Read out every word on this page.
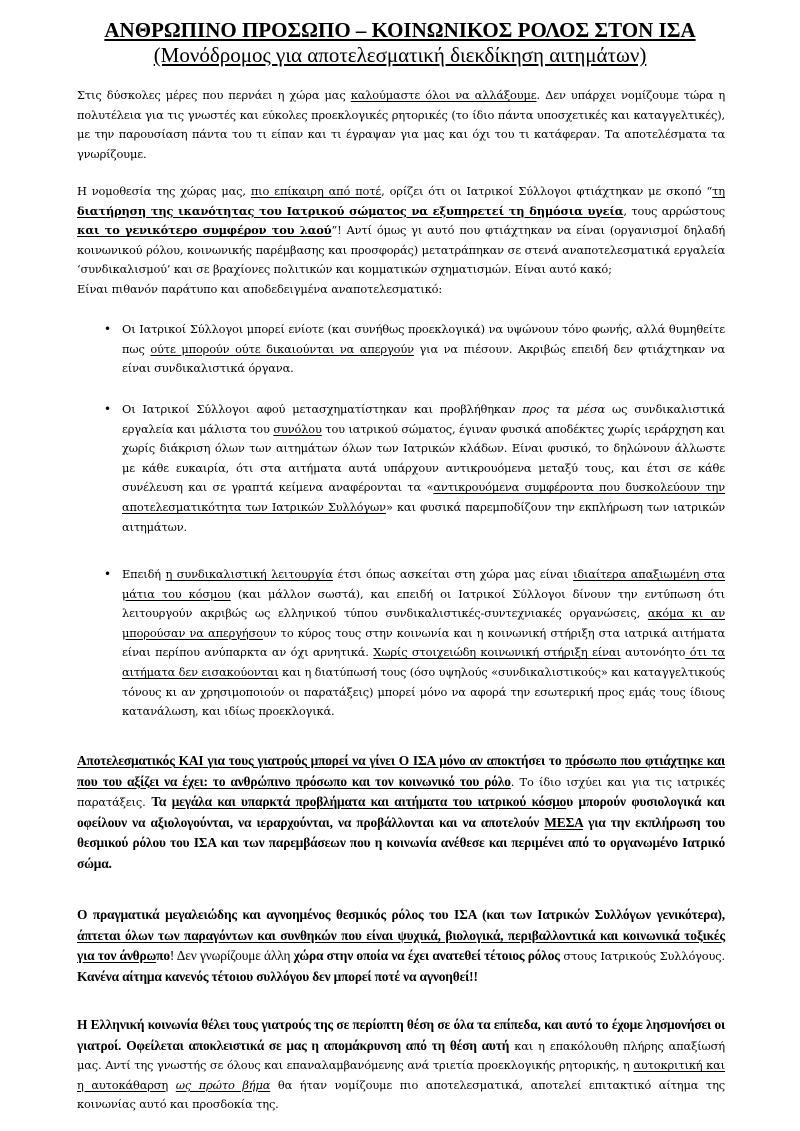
ΑΝΘΡΩΠΙΝΟ ΠΡΟΣΩΠΟ – ΚΟΙΝΩΝΙΚΟΣ ΡΟΛΟΣ ΣΤΟΝ ΙΣΑ
(Μονόδρομος για αποτελεσματική διεκδίκηση αιτημάτων)
Στις δύσκολες μέρες που περνάει η χώρα μας καλούμαστε όλοι να αλλάξουμε. Δεν υπάρχει νομίζουμε τώρα η πολυτέλεια για τις γνωστές και εύκολες προεκλογικές ρητορικές (το ίδιο πάντα υποσχετικές και καταγγελτικές), με την παρουσίαση πάντα του τι είπαν και τι έγραψαν για μας και όχι του τι κατάφεραν. Τα αποτελέσματα τα γνωρίζουμε.
Η νομοθεσία της χώρας μας, πιο επίκαιρη από ποτέ, ορίζει ότι οι Ιατρικοί Σύλλογοι φτιάχτηκαν με σκοπό “τη διατήρηση της ικανότητας του Ιατρικού σώματος να εξυπηρετεί τη δημόσια υγεία, τους αρρώστους και το γενικότερο συμφέρον του λαού”! Αντί όμως γι αυτό που φτιάχτηκαν να είναι (οργανισμοί δηλαδή κοινωνικού ρόλου, κοινωνικής παρέμβασης και προσφοράς) μετατράπηκαν σε στενά αναποτελεσματικά εργαλεία ‘συνδικαλισμού’ και σε βραχίονες πολιτικών και κομματικών σχηματισμών. Είναι αυτό κακό;
Είναι πιθανόν παράτυπο και αποδεδειγμένα αναποτελεσματικό:
• Οι Ιατρικοί Σύλλογοι μπορεί ενίοτε (και συνήθως προεκλογικά) να υψώνουν τόνο φωνής, αλλά θυμηθείτε πως ούτε μπορούν ούτε δικαιούνται να απεργούν για να πιέσουν. Ακριβώς επειδή δεν φτιάχτηκαν να είναι συνδικαλιστικά όργανα.
• Οι Ιατρικοί Σύλλογοι αφού μετασχηματίστηκαν και προβλήθηκαν προς τα μέσα ως συνδικαλιστικά εργαλεία και μάλιστα του συνόλου του ιατρικού σώματος, έγιναν φυσικά αποδέκτες χωρίς ιεράρχηση και χωρίς διάκριση όλων των αιτημάτων όλων των Ιατρικών κλάδων. Είναι φυσικό, το δηλώνουν άλλωστε με κάθε ευκαιρία, ότι στα αιτήματα αυτά υπάρχουν αντικρουόμενα μεταξύ τους, και έτσι σε κάθε συνέλευση και σε γραπτά κείμενα αναφέρονται τα «αντικρουόμενα συμφέροντα που δυσκολεύουν την αποτελεσματικότητα των Ιατρικών Συλλόγων» και φυσικά παρεμποδίζουν την εκπλήρωση των ιατρικών αιτημάτων.
• Επειδή η συνδικαλιστική λειτουργία έτσι όπως ασκείται στη χώρα μας είναι ιδιαίτερα απαξιωμένη στα μάτια του κόσμου (και μάλλον σωστά), και επειδή οι Ιατρικοί Σύλλογοι δίνουν την εντύπωση ότι λειτουργούν ακριβώς ως ελληνικού τύπου συνδικαλιστικές-συντεχνιακές οργανώσεις, ακόμα κι αν μπορούσαν να απεργήσουν το κύρος τους στην κοινωνία και η κοινωνική στήριξη στα ιατρικά αιτήματα είναι περίπου ανύπαρκτα αν όχι αρνητικά. Χωρίς στοιχειώδη κοινωνική στήριξη είναι αυτονόητο ότι τα αιτήματα δεν εισακούονται και η διατύπωσή τους (όσο υψηλούς «συνδικαλιστικούς» και καταγγελτικούς τόνους κι αν χρησιμοποιούν οι παρατάξεις) μπορεί μόνο να αφορά την εσωτερική προς εμάς τους ίδιους κατανάλωση, και ιδίως προεκλογικά.
Αποτελεσματικός ΚΑΙ για τους γιατρούς μπορεί να γίνει Ο ΙΣΑ μόνο αν αποκτήσει το πρόσωπο που φτιάχτηκε και που του αξίζει να έχει: το ανθρώπινο πρόσωπο και τον κοινωνικό του ρόλο. Το ίδιο ισχύει και για τις ιατρικές παρατάξεις. Τα μεγάλα και υπαρκτά προβλήματα και αιτήματα του ιατρικού κόσμου μπορούν φυσιολογικά και οφείλουν να αξιολογούνται, να ιεραρχούνται, να προβάλλονται και να αποτελούν ΜΕΣΑ για την εκπλήρωση του θεσμικού ρόλου του ΙΣΑ και των παρεμβάσεων που η κοινωνία ανέθεσε και περιμένει από το οργανωμένο Ιατρικό σώμα.
Ο πραγματικά μεγαλειώδης και αγνοημένος θεσμικός ρόλος του ΙΣΑ (και των Ιατρικών Συλλόγων γενικότερα), άπτεται όλων των παραγόντων και συνθηκών που είναι ψυχικά, βιολογικά, περιβαλλοντικά και κοινωνικά τοξικές για τον άνθρωπο! Δεν γνωρίζουμε άλλη χώρα στην οποία να έχει ανατεθεί τέτοιος ρόλος στους Ιατρικούς Συλλόγους. Κανένα αίτημα κανενός τέτοιου συλλόγου δεν μπορεί ποτέ να αγνοηθεί!!
Η Ελληνική κοινωνία θέλει τους γιατρούς της σε περίοπτη θέση σε όλα τα επίπεδα, και αυτό το έχομε λησμονήσει οι γιατροί. Οφείλεται αποκλειστικά σε μας η απομάκρυνση από τη θέση αυτή και η επακόλουθη πλήρης απαξίωσή μας. Αντί της γνωστής σε όλους και επαναλαμβανόμενης ανά τριετία προεκλογικής ρητορικής, η αυτοκριτική και η αυτοκάθαρση ως πρώτο βήμα θα ήταν νομίζουμε πιο αποτελεσματικά, αποτελεί επιτακτικό αίτημα της κοινωνίας αυτό και προσδοκία της.
